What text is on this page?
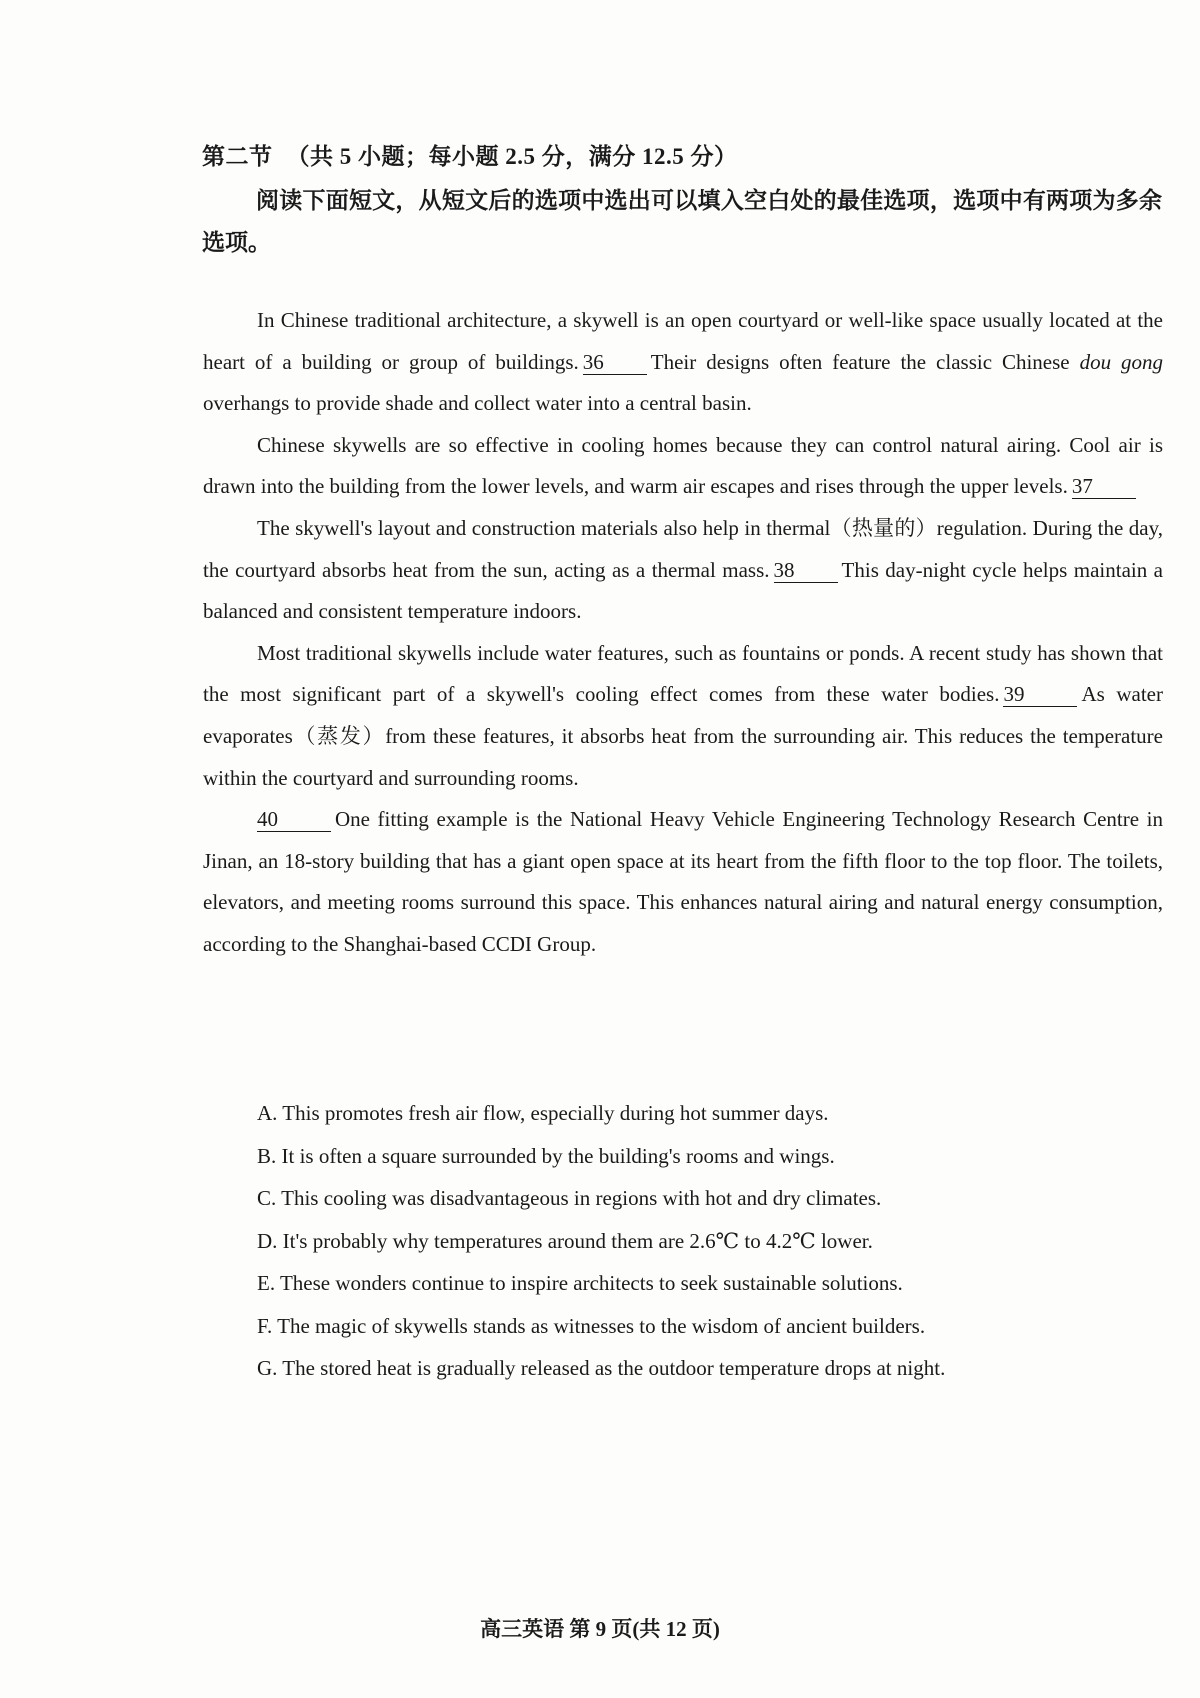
第二节 （共 5 小题；每小题 2.5 分，满分 12.5 分）
阅读下面短文，从短文后的选项中选出可以填入空白处的最佳选项，选项中有两项为多余选项。

In Chinese traditional architecture, a skywell is an open courtyard or well-like space usually located at the heart of a building or group of buildings. 36 Their designs often feature the classic Chinese dou gong overhangs to provide shade and collect water into a central basin.

Chinese skywells are so effective in cooling homes because they can control natural airing. Cool air is drawn into the building from the lower levels, and warm air escapes and rises through the upper levels. 37

The skywell's layout and construction materials also help in thermal（热量的）regulation. During the day, the courtyard absorbs heat from the sun, acting as a thermal mass. 38 This day-night cycle helps maintain a balanced and consistent temperature indoors.

Most traditional skywells include water features, such as fountains or ponds. A recent study has shown that the most significant part of a skywell's cooling effect comes from these water bodies. 39	As water evaporates（蒸发）from these features, it absorbs heat from the surrounding air. This reduces the temperature within the courtyard and surrounding rooms.

40	One fitting example is the National Heavy Vehicle Engineering Technology Research Centre in Jinan, an 18-story building that has a giant open space at its heart from the fifth floor to the top floor. The toilets, elevators, and meeting rooms surround this space. This enhances natural airing and natural energy consumption, according to the Shanghai-based CCDI Group.

A. This promotes fresh air flow, especially during hot summer days.

B. It is often a square surrounded by the building's rooms and wings.

C. This cooling was disadvantageous in regions with hot and dry climates.

D. It's probably why temperatures around them are 2.6℃ to 4.2℃ lower.

E. These wonders continue to inspire architects to seek sustainable solutions.

F. The magic of skywells stands as witnesses to the wisdom of ancient builders.

G. The stored heat is gradually released as the outdoor temperature drops at night.

高三英语 第 9 页(共 12 页)
